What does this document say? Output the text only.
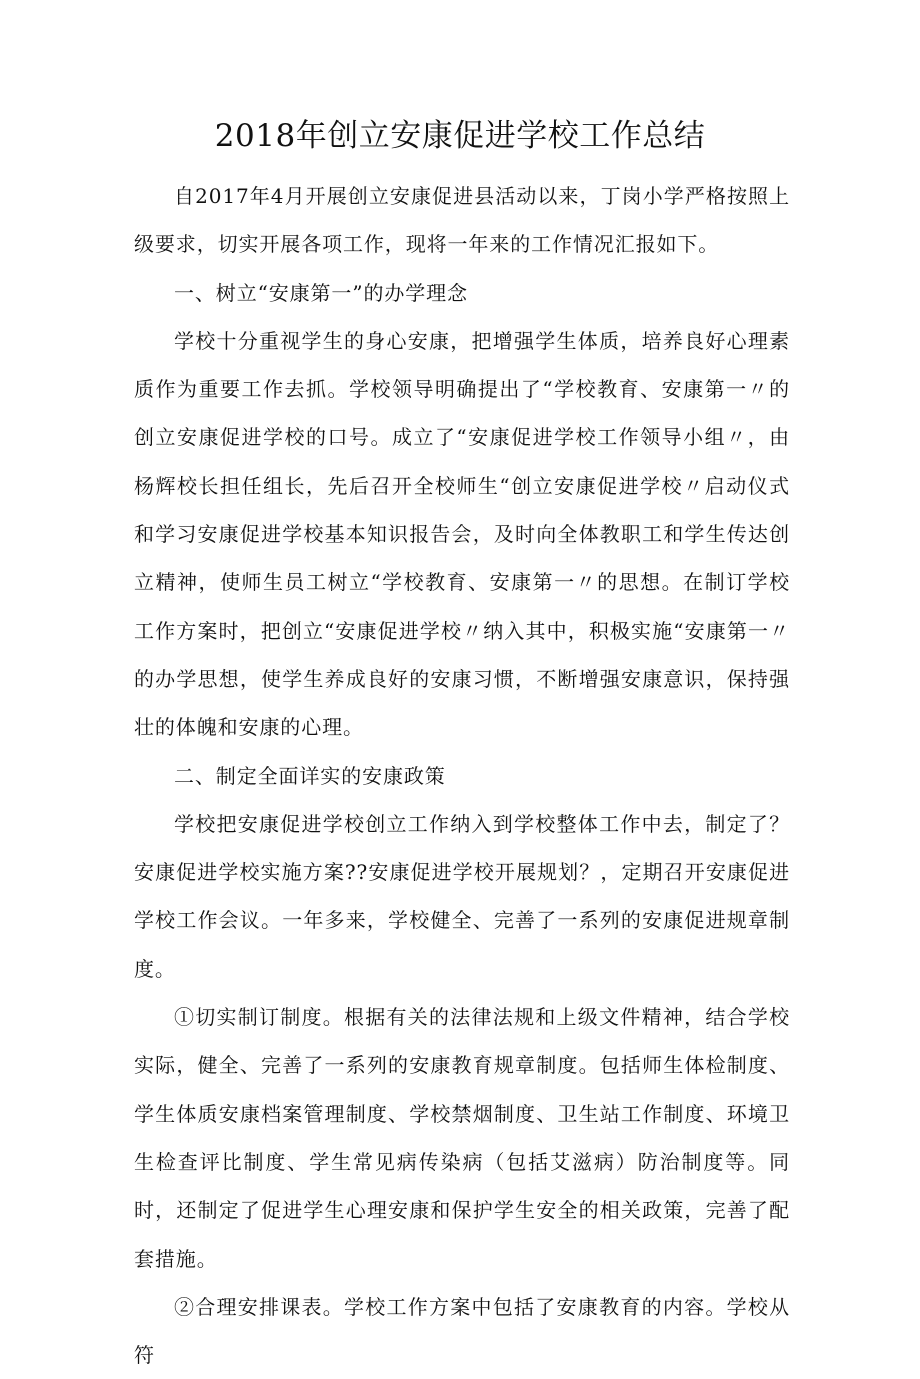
2018年创立安康促进学校工作总结

自2017年4月开展创立安康促进县活动以来，丁岗小学严格按照上级要求，切实开展各项工作，现将一年来的工作情况汇报如下。

一、树立“安康第一”的办学理念

学校十分重视学生的身心安康，把增强学生体质，培养良好心理素质作为重要工作去抓。学校领导明确提出了“学校教育、安康第一〃的创立安康促进学校的口号。成立了“安康促进学校工作领导小组〃，由杨辉校长担任组长，先后召开全校师生“创立安康促进学校〃启动仪式和学习安康促进学校基本知识报告会，及时向全体教职工和学生传达创立精神，使师生员工树立“学校教育、安康第一〃的思想。在制订学校工作方案时，把创立“安康促进学校〃纳入其中，积极实施“安康第一〃的办学思想，使学生养成良好的安康习惯，不断增强安康意识，保持强壮的体魄和安康的心理。

二、制定全面详实的安康政策

学校把安康促进学校创立工作纳入到学校整体工作中去，制定了？安康促进学校实施方案??安康促进学校开展规划？，定期召开安康促进学校工作会议。一年多来，学校健全、完善了一系列的安康促进规章制度。

①切实制订制度。根据有关的法律法规和上级文件精神，结合学校实际，健全、完善了一系列的安康教育规章制度。包括师生体检制度、学生体质安康档案管理制度、学校禁烟制度、卫生站工作制度、环境卫生检查评比制度、学生常见病传染病（包括艾滋病）防治制度等。同时，还制定了促进学生心理安康和保护学生安全的相关政策，完善了配套措施。

②合理安排课表。学校工作方案中包括了安康教育的内容。学校从符
